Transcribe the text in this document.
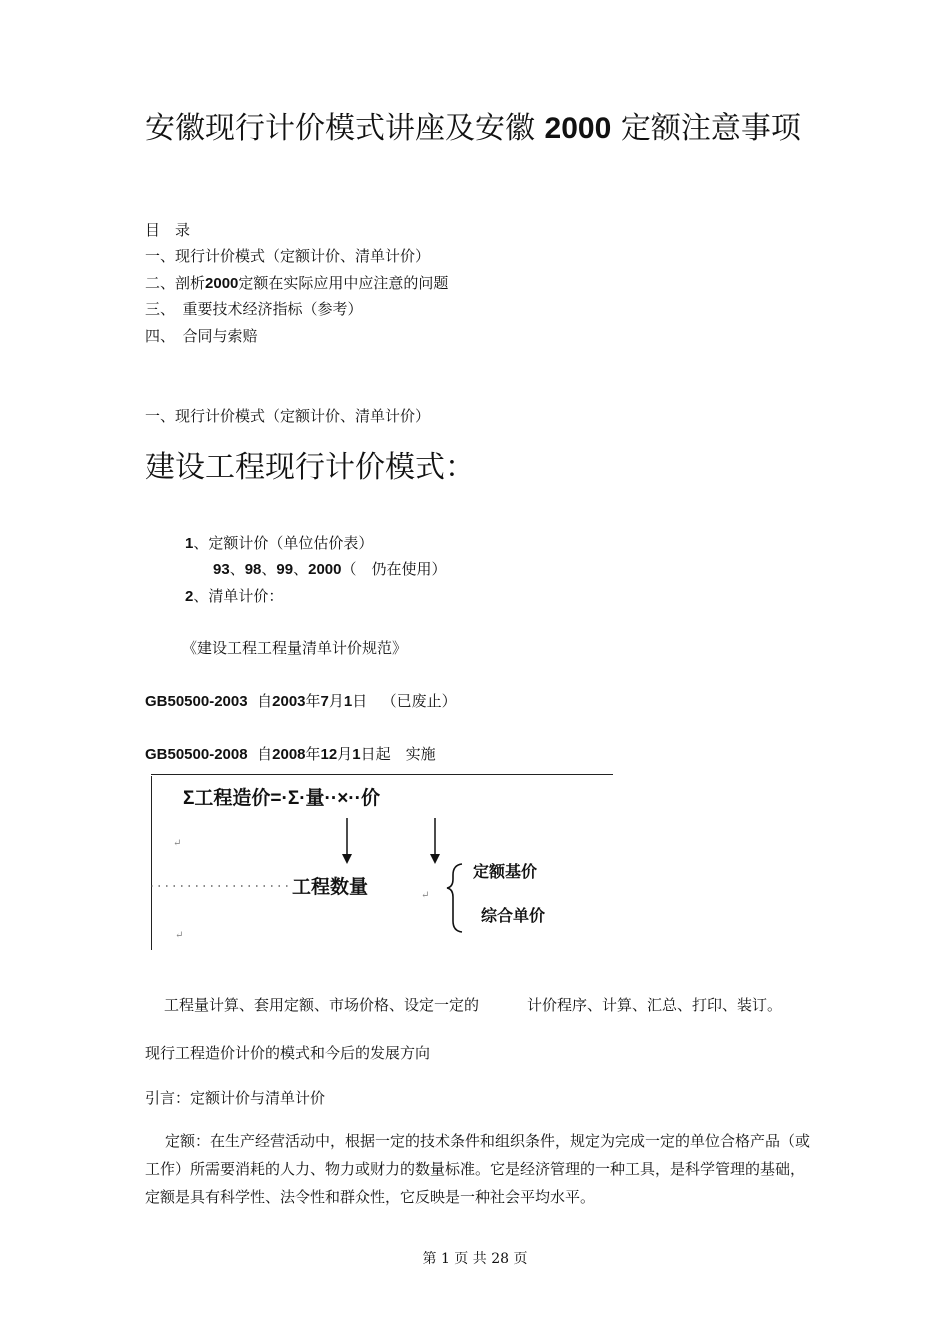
安徽现行计价模式讲座及安徽 2000 定额注意事项
目　录
一、现行计价模式（定额计价、清单计价）
二、剖析2000定额在实际应用中应注意的问题
三、　重要技术经济指标（参考）
四、　合同与索赔
一、现行计价模式（定额计价、清单计价）
建设工程现行计价模式：
1、定额计价（单位估价表）
93、98、99、2000（　仍在使用）
2、清单计价：
《建设工程工程量清单计价规范》
GB50500-2003 自2003年7月1日 （已废止）
GB50500-2008 自2008年12月1日起　实施
Σ工程造价=·Σ·量··×··价
↵
工程数量	↵
定额基价
综合单价
↵
工程量计算、套用定额、市场价格、设定一定的	计价程序、计算、汇总、打印、装订。
现行工程造价计价的模式和今后的发展方向
引言：定额计价与清单计价
定额：在生产经营活动中，根据一定的技术条件和组织条件，规定为完成一定的单位合格产品（或工作）所需要消耗的人力、物力或财力的数量标准。它是经济管理的一种工具，是科学管理的基础，定额是具有科学性、法令性和群众性，它反映是一种社会平均水平。
第 1 页 共 28 页
